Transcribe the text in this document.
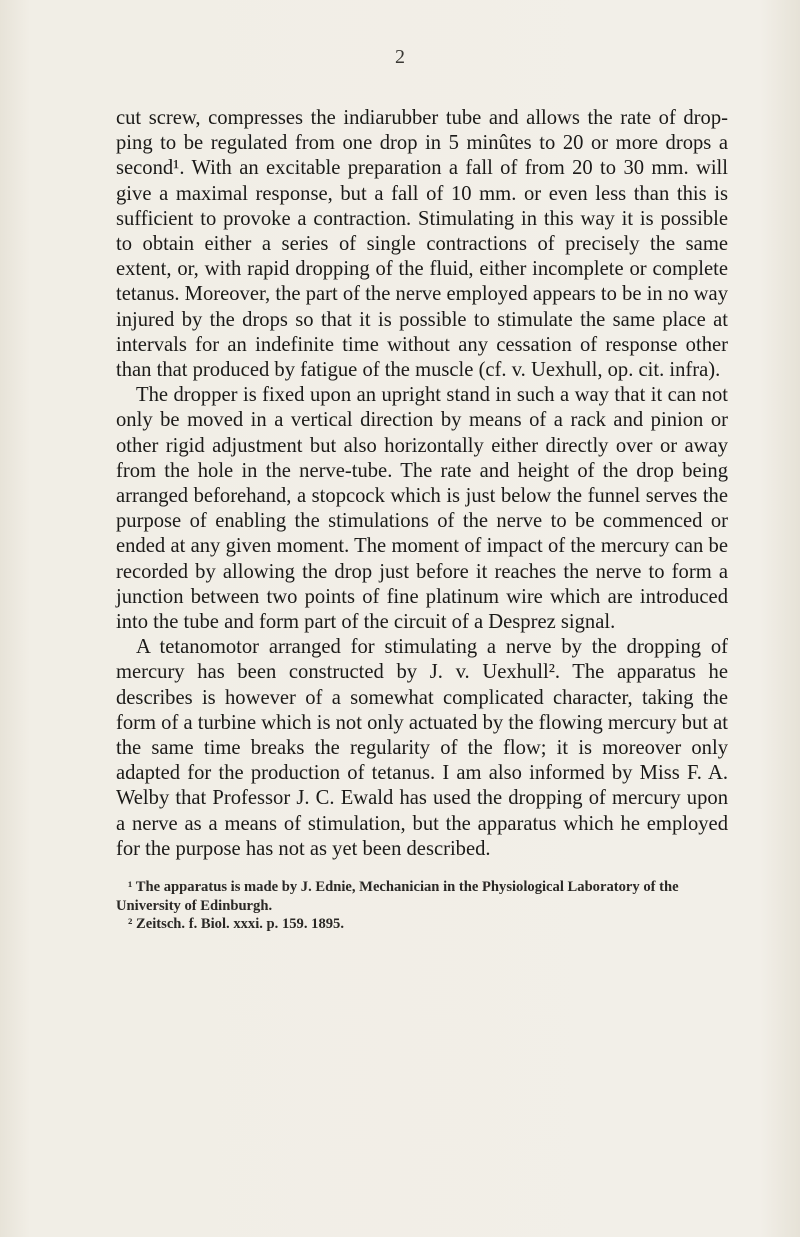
2

cut screw, compresses the indiarubber tube and allows the rate of dropping to be regulated from one drop in 5 minûtes to 20 or more drops a second¹. With an excitable preparation a fall of from 20 to 30 mm. will give a maximal response, but a fall of 10 mm. or even less than this is sufficient to provoke a contraction. Stimulating in this way it is possible to obtain either a series of single contractions of precisely the same extent, or, with rapid dropping of the fluid, either incomplete or complete tetanus. Moreover, the part of the nerve employed appears to be in no way injured by the drops so that it is possible to stimulate the same place at intervals for an indefinite time without any cessation of response other than that produced by fatigue of the muscle (cf. v. Uexhull, op. cit. infra).

The dropper is fixed upon an upright stand in such a way that it can not only be moved in a vertical direction by means of a rack and pinion or other rigid adjustment but also horizontally either directly over or away from the hole in the nerve-tube. The rate and height of the drop being arranged beforehand, a stopcock which is just below the funnel serves the purpose of enabling the stimulations of the nerve to be commenced or ended at any given moment. The moment of impact of the mercury can be recorded by allowing the drop just before it reaches the nerve to form a junction between two points of fine platinum wire which are introduced into the tube and form part of the circuit of a Desprez signal.

A tetanomotor arranged for stimulating a nerve by the dropping of mercury has been constructed by J. v. Uexhull². The apparatus he describes is however of a somewhat complicated character, taking the form of a turbine which is not only actuated by the flowing mercury but at the same time breaks the regularity of the flow; it is moreover only adapted for the production of tetanus. I am also informed by Miss F. A. Welby that Professor J. C. Ewald has used the dropping of mercury upon a nerve as a means of stimulation, but the apparatus which he employed for the purpose has not as yet been described.

¹ The apparatus is made by J. Ednie, Mechanician in the Physiological Laboratory of the University of Edinburgh.

² Zeitsch. f. Biol. xxxi. p. 159. 1895.
